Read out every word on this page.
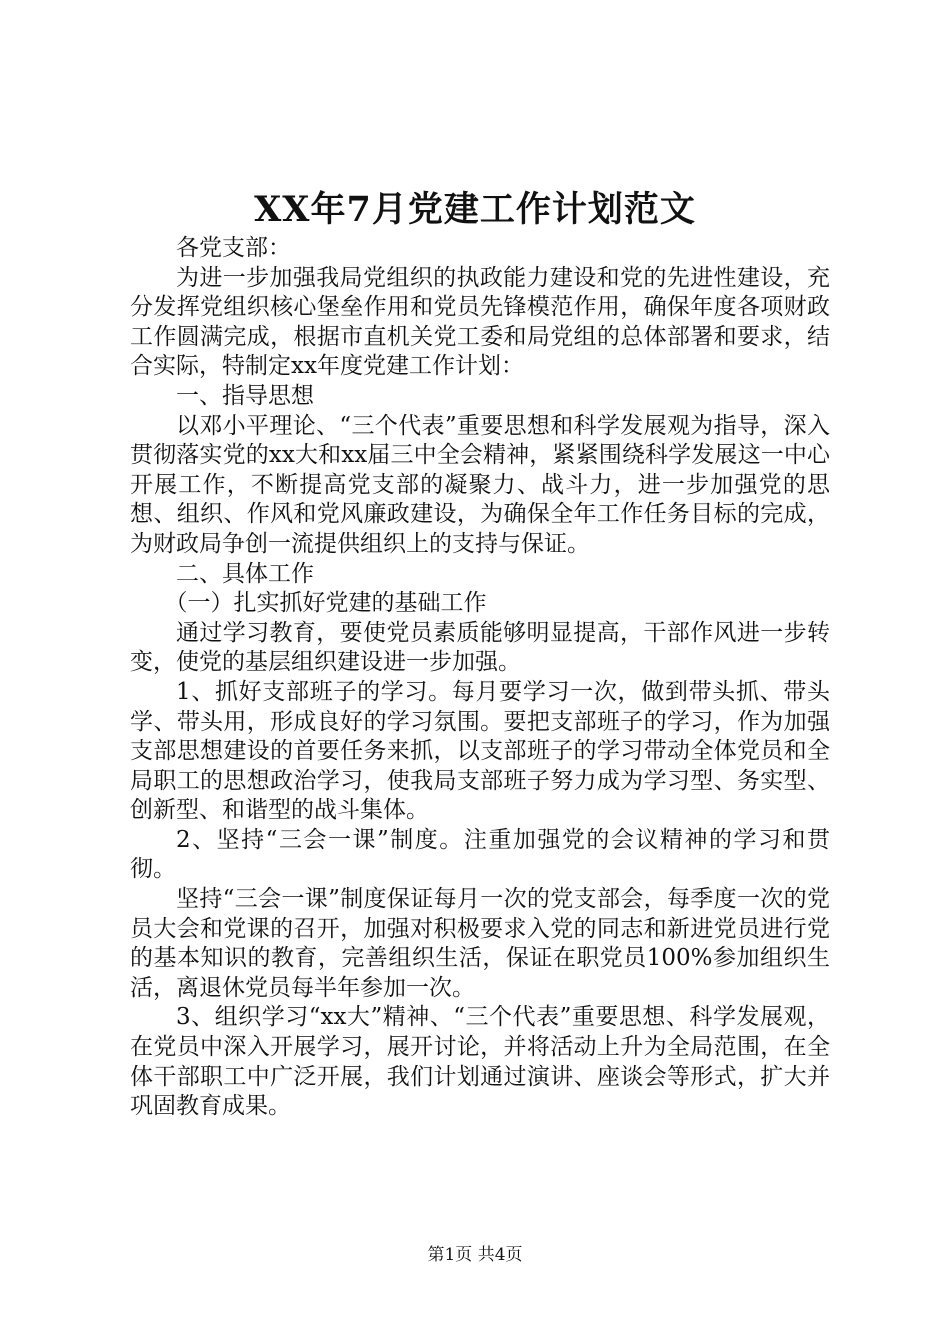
XX年7月党建工作计划范文

各党支部：

为进一步加强我局党组织的执政能力建设和党的先进性建设，充分发挥党组织核心堡垒作用和党员先锋模范作用，确保年度各项财政工作圆满完成，根据市直机关党工委和局党组的总体部署和要求，结合实际，特制定xx年度党建工作计划：

一、指导思想

以邓小平理论、“三个代表”重要思想和科学发展观为指导，深入贯彻落实党的xx大和xx届三中全会精神，紧紧围绕科学发展这一中心开展工作，不断提高党支部的凝聚力、战斗力，进一步加强党的思想、组织、作风和党风廉政建设，为确保全年工作任务目标的完成，为财政局争创一流提供组织上的支持与保证。

二、具体工作

（一）扎实抓好党建的基础工作

通过学习教育，要使党员素质能够明显提高，干部作风进一步转变，使党的基层组织建设进一步加强。

1、抓好支部班子的学习。每月要学习一次，做到带头抓、带头学、带头用，形成良好的学习氛围。要把支部班子的学习，作为加强支部思想建设的首要任务来抓，以支部班子的学习带动全体党员和全局职工的思想政治学习，使我局支部班子努力成为学习型、务实型、创新型、和谐型的战斗集体。

2、坚持“三会一课”制度。注重加强党的会议精神的学习和贯彻。

坚持“三会一课”制度保证每月一次的党支部会，每季度一次的党员大会和党课的召开，加强对积极要求入党的同志和新进党员进行党的基本知识的教育，完善组织生活，保证在职党员100%参加组织生活，离退休党员每半年参加一次。

3、组织学习“xx大”精神、“三个代表”重要思想、科学发展观，在党员中深入开展学习，展开讨论，并将活动上升为全局范围，在全体干部职工中广泛开展，我们计划通过演讲、座谈会等形式，扩大并巩固教育成果。

第1页 共4页
